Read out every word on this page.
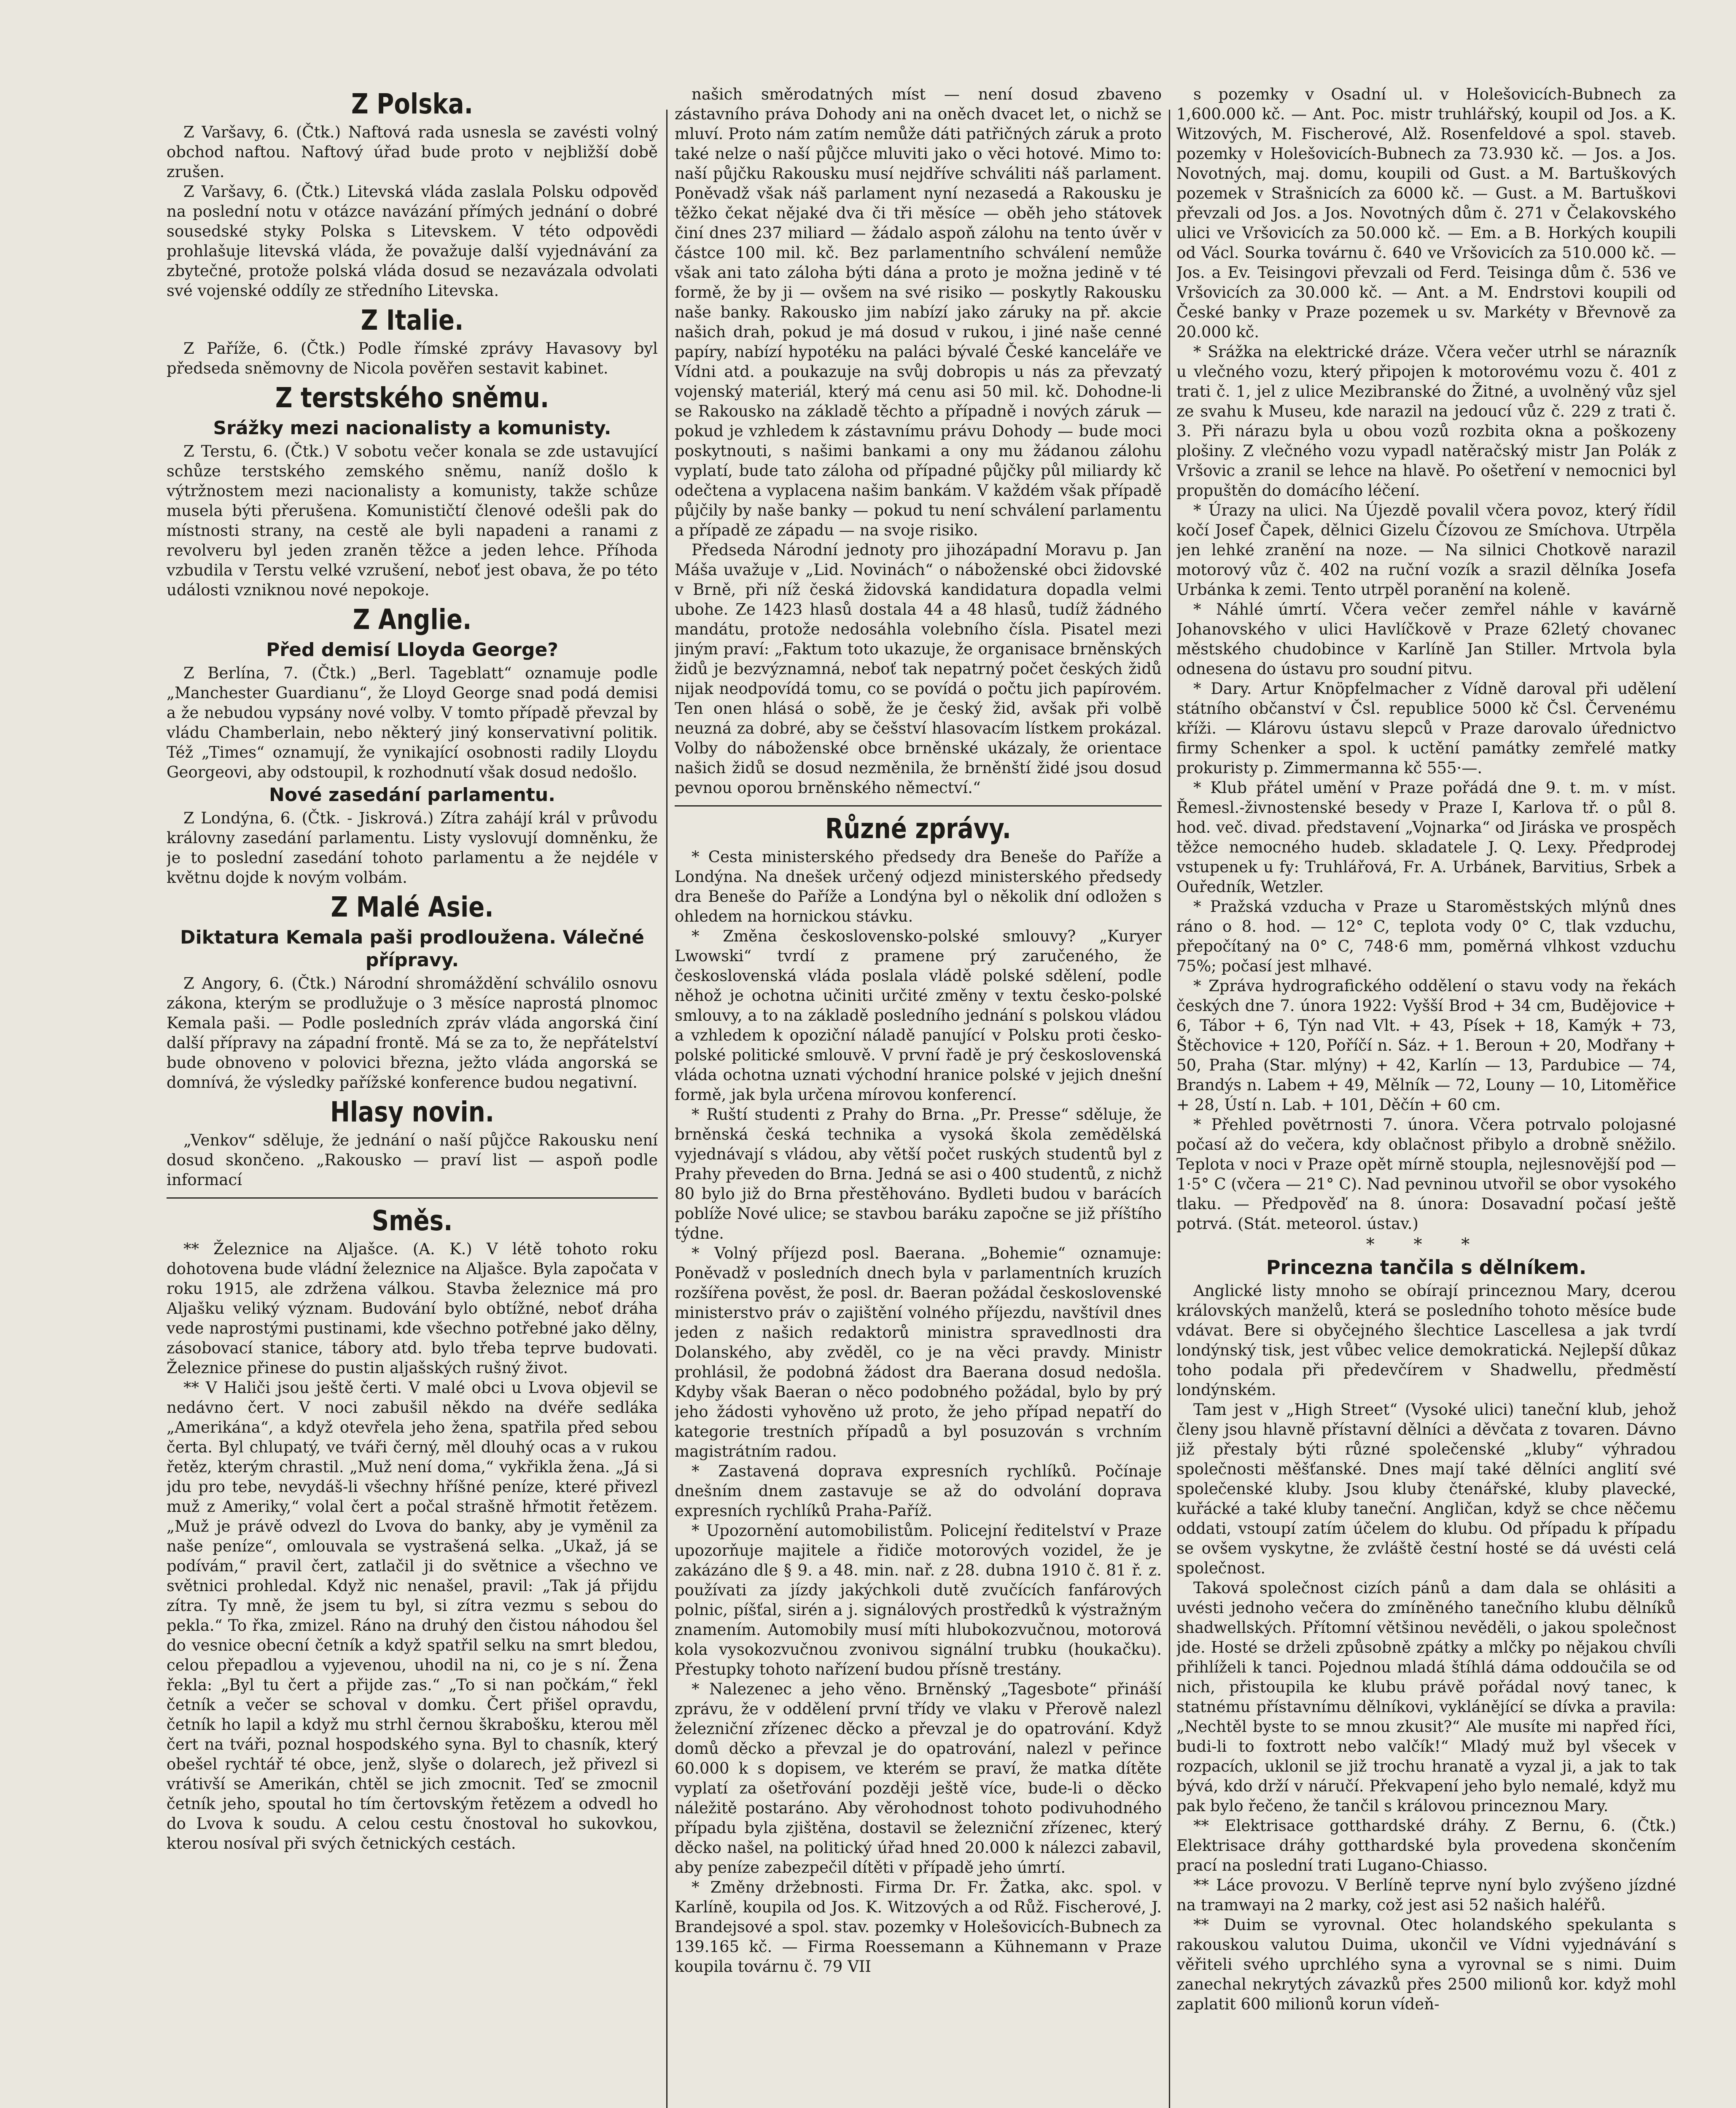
Z Polska.

Z Varšavy, 6. (Čtk.) Naftová rada usnesla se zavésti volný obchod naftou. Naftový úřad bude proto v nejbližší době zrušen.

Z Varšavy, 6. (Čtk.) Litevská vláda zaslala Polsku odpověď na poslední notu v otázce navázání přímých jednání o dobré sousedské styky Polska s Litevskem. V této odpovědi prohlašuje litevská vláda, že považuje další vyjednávání za zbytečné, protože polská vláda dosud se nezavázala odvolati své vojenské oddíly ze středního Litevska.

Z Italie.

Z Paříže, 6. (Čtk.) Podle římské zprávy Havasovy byl předseda sněmovny de Nicola pověřen sestavit kabinet.

Z terstského sněmu.
Srážky mezi nacionalisty a komunisty.

Z Terstu, 6. (Čtk.) V sobotu večer konala se zde ustavující schůze terstského zemského sněmu, naníž došlo k výtržnostem mezi nacionalisty a komunisty, takže schůze musela býti přerušena. Komunističtí členové odešli pak do místnosti strany, na cestě ale byli napadeni a ranami z revolveru byl jeden zraněn těžce a jeden lehce. Příhoda vzbudila v Terstu velké vzrušení, neboť jest obava, že po této události vzniknou nové nepokoje.

Z Anglie.
Před demisí Lloyda George?

Z Berlína, 7. (Čtk.) „Berl. Tageblatt“ oznamuje podle „Manchester Guardianu“, že Lloyd George snad podá demisi a že nebudou vypsány nové volby. V tomto případě převzal by vládu Chamberlain, nebo některý jiný konservativní politik. Též „Times“ oznamují, že vynikající osobnosti radily Lloydu Georgeovi, aby odstoupil, k rozhodnutí však dosud nedošlo.

Nové zasedání parlamentu.

Z Londýna, 6. (Čtk. - Jiskrová.) Zítra zahájí král v průvodu královny zasedání parlamentu. Listy vyslovují domněnku, že je to poslední zasedání tohoto parlamentu a že nejdéle v květnu dojde k novým volbám.

Z Malé Asie.
Diktatura Kemala paši prodloužena. Válečné přípravy.

Z Angory, 6. (Čtk.) Národní shromáždění schválilo osnovu zákona, kterým se prodlužuje o 3 měsíce naprostá plnomoc Kemala paši. — Podle posledních zpráv vláda angorská činí další přípravy na západní frontě. Má se za to, že nepřátelství bude obnoveno v polovici března, ježto vláda angorská se domnívá, že výsledky pařížské konference budou negativní.

Hlasy novin.

„Venkov“ sděluje, že jednání o naší půjčce Rakousku není dosud skončeno. „Rakousko — praví list — aspoň podle informací

Směs.

** Železnice na Aljašce. (A. K.) V létě tohoto roku dohotovena bude vládní železnice na Aljašce. Byla započata v roku 1915, ale zdržena válkou. Stavba železnice má pro Aljašku veliký význam. Budování bylo obtížné, neboť dráha vede naprostými pustinami, kde všechno potřebné jako dělny, zásobovací stanice, tábory atd. bylo třeba teprve budovati. Železnice přinese do pustin aljašských rušný život.

** V Haliči jsou ještě čerti. V malé obci u Lvova objevil se nedávno čert. V noci zabušil někdo na dvéře sedláka „Amerikána“, a když otevřela jeho žena, spatřila před sebou čerta. Byl chlupatý, ve tváři černý, měl dlouhý ocas a v rukou řetěz, kterým chrastil. „Muž není doma,“ vykřikla žena. „Já si jdu pro tebe, nevydáš-li všechny hříšné peníze, které přivezl muž z Ameriky,“ volal čert a počal strašně hřmotit řetězem. „Muž je právě odvezl do Lvova do banky, aby je vyměnil za naše peníze“, omlouvala se vystrašená selka. „Ukaž, já se podívám,“ pravil čert, zatlačil ji do světnice a všechno ve světnici prohledal. Když nic nenašel, pravil: „Tak já přijdu zítra. Ty mně, že jsem tu byl, si zítra vezmu s sebou do pekla.“ To řka, zmizel. Ráno na druhý den čistou náhodou šel do vesnice obecní četník a když spatřil selku na smrt bledou, celou přepadlou a vyjevenou, uhodil na ni, co je s ní. Žena řekla: „Byl tu čert a přijde zas.“ „To si nan počkám,“ řekl četník a večer se schoval v domku. Čert přišel opravdu, četník ho lapil a když mu strhl černou škrabošku, kterou měl čert na tváři, poznal hospodského syna. Byl to chasník, který obešel rychtář té obce, jenž, slyše o dolarech, jež přivezl si vrátivší se Amerikán, chtěl se jich zmocnit. Teď se zmocnil četník jeho, spoutal ho tím čertovským řetězem a odvedl ho do Lvova k soudu. A celou cestu čnostoval ho sukovkou, kterou nosíval při svých četnických cestách.

našich směrodatných míst — není dosud zbaveno zástavního práva Dohody ani na oněch dvacet let, o nichž se mluví. Proto nám zatím nemůže dáti patřičných záruk a proto také nelze o naší půjčce mluviti jako o věci hotové. Mimo to: naší půjčku Rakousku musí nejdříve schváliti náš parlament. Poněvadž však náš parlament nyní nezasedá a Rakousku je těžko čekat nějaké dva či tři měsíce — oběh jeho státovek činí dnes 237 miliard — žádalo aspoň zálohu na tento úvěr v částce 100 mil. kč. Bez parlamentního schválení nemůže však ani tato záloha býti dána a proto je možna jedině v té formě, že by ji — ovšem na své risiko — poskytly Rakousku naše banky. Rakousko jim nabízí jako záruky na př. akcie našich drah, pokud je má dosud v rukou, i jiné naše cenné papíry, nabízí hypotéku na paláci bývalé České kanceláře ve Vídni atd. a poukazuje na svůj dobropis u nás za převzatý vojenský materiál, který má cenu asi 50 mil. kč. Dohodne-li se Rakousko na základě těchto a případně i nových záruk — pokud je vzhledem k zástavnímu právu Dohody — bude moci poskytnouti, s našimi bankami a ony mu žádanou zálohu vyplatí, bude tato záloha od případné půjčky půl miliardy kč odečtena a vyplacena našim bankám. V každém však případě půjčily by naše banky — pokud tu není schválení parlamentu a případě ze západu — na svoje risiko.

Předseda Národní jednoty pro jihozápadní Moravu p. Jan Máša uvažuje v „Lid. Novinách“ o náboženské obci židovské v Brně, při níž česká židovská kandidatura dopadla velmi ubohe. Ze 1423 hlasů dostala 44 a 48 hlasů, tudíž žádného mandátu, protože nedosáhla volebního čísla. Pisatel mezi jiným praví: „Faktum toto ukazuje, že organisace brněnských židů je bezvýznamná, neboť tak nepatrný počet českých židů nijak neodpovídá tomu, co se povídá o počtu jich papírovém. Ten onen hlásá o sobě, že je český žid, avšak při volbě neuzná za dobré, aby se češství hlasovacím lístkem prokázal. Volby do náboženské obce brněnské ukázaly, že orientace našich židů se dosud nezměnila, že brněnští židé jsou dosud pevnou oporou brněnského němectví.“

Různé zprávy.

* Cesta ministerského předsedy dra Beneše do Paříže a Londýna. Na dnešek určený odjezd ministerského předsedy dra Beneše do Paříže a Londýna byl o několik dní odložen s ohledem na hornickou stávku.

* Změna československo-polské smlouvy? „Kuryer Lwowski“ tvrdí z pramene prý zaručeného, že československá vláda poslala vládě polské sdělení, podle něhož je ochotna učiniti určité změny v textu česko-polské smlouvy, a to na základě posledního jednání s polskou vládou a vzhledem k opoziční náladě panující v Polsku proti česko-polské politické smlouvě. V první řadě je prý československá vláda ochotna uznati východní hranice polské v jejich dnešní formě, jak byla určena mírovou konferencí.

* Ruští studenti z Prahy do Brna. „Pr. Presse“ sděluje, že brněnská česká technika a vysoká škola zemědělská vyjednávají s vládou, aby větší počet ruských studentů byl z Prahy převeden do Brna. Jedná se asi o 400 studentů, z nichž 80 bylo již do Brna přestěhováno. Bydleti budou v barácích poblíže Nové ulice; se stavbou baráku započne se již příštího týdne.

* Volný příjezd posl. Baerana. „Bohemie“ oznamuje: Poněvadž v posledních dnech byla v parlamentních kruzích rozšířena pověst, že posl. dr. Baeran požádal československé ministerstvo práv o zajištění volného příjezdu, navštívil dnes jeden z našich redaktorů ministra spravedlnosti dra Dolanského, aby zvěděl, co je na věci pravdy. Ministr prohlásil, že podobná žádost dra Baerana dosud nedošla. Kdyby však Baeran o něco podobného požádal, bylo by prý jeho žádosti vyhověno už proto, že jeho případ nepatří do kategorie trestních případů a byl posuzován s vrchním magistrátním radou.

* Zastavená doprava expresních rychlíků. Počínaje dnešním dnem zastavuje se až do odvolání doprava expresních rychlíků Praha-Paříž.

* Upozornění automobilistům. Policejní ředitelství v Praze upozorňuje majitele a řidiče motorových vozidel, že je zakázáno dle § 9. a 48. min. nař. z 28. dubna 1910 č. 81 ř. z. používati za jízdy jakýchkoli dutě zvučících fanfárových polnic, píšťal, sirén a j. signálových prostředků k výstražným znamením. Automobily musí míti hlubokozvučnou, motorová kola vysokozvučnou zvonivou signální trubku (houkačku). Přestupky tohoto nařízení budou přísně trestány.

* Nalezenec a jeho věno. Brněnský „Tagesbote“ přináší zprávu, že v oddělení první třídy ve vlaku v Přerově nalezl železniční zřízenec děcko a převzal je do opatrování. Když domů děcko a převzal je do opatrování, nalezl v peřince 60.000 k s dopisem, ve kterém se praví, že matka dítěte vyplatí za ošetřování později ještě více, bude-li o děcko náležitě postaráno. Aby věrohodnost tohoto podivuhodného případu byla zjištěna, dostavil se železniční zřízenec, který děcko našel, na politický úřad hned 20.000 k nálezci zabavil, aby peníze zabezpečil dítěti v případě jeho úmrtí.

* Změny držebnosti. Firma Dr. Fr. Žatka, akc. spol. v Karlíně, koupila od Jos. K. Witzových a od Růž. Fischerové, J. Brandejsové a spol. stav. pozemky v Holešovicích-Bubnech za 139.165 kč. — Firma Roessemann a Kühnemann v Praze koupila továrnu č. 79 VII

s pozemky v Osadní ul. v Holešovicích-Bubnech za 1,600.000 kč. — Ant. Poc. mistr truhlářský, koupil od Jos. a K. Witzových, M. Fischerové, Alž. Rosenfeldové a spol. staveb. pozemky v Holešovicích-Bubnech za 73.930 kč. — Jos. a Jos. Novotných, maj. domu, koupili od Gust. a M. Bartuškových pozemek v Strašnicích za 6000 kč. — Gust. a M. Bartuškovi převzali od Jos. a Jos. Novotných dům č. 271 v Čelakovského ulici ve Vršovicích za 50.000 kč. — Em. a B. Horkých koupili od Václ. Sourka továrnu č. 640 ve Vršovicích za 510.000 kč. — Jos. a Ev. Teisingovi převzali od Ferd. Teisinga dům č. 536 ve Vršovicích za 30.000 kč. — Ant. a M. Endrstovi koupili od České banky v Praze pozemek u sv. Markéty v Břevnově za 20.000 kč.

* Srážka na elektrické dráze. Včera večer utrhl se nárazník u vlečného vozu, který připojen k motorovému vozu č. 401 z trati č. 1, jel z ulice Mezibranské do Žitné, a uvolněný vůz sjel ze svahu k Museu, kde narazil na jedoucí vůz č. 229 z trati č. 3. Při nárazu byla u obou vozů rozbita okna a poškozeny plošiny. Z vlečného vozu vypadl natěračský mistr Jan Polák z Vršovic a zranil se lehce na hlavě. Po ošetření v nemocnici byl propuštěn do domácího léčení.

* Úrazy na ulici. Na Újezdě povalil včera povoz, který řídil kočí Josef Čapek, dělnici Gizelu Čízovou ze Smíchova. Utrpěla jen lehké zranění na noze. — Na silnici Chotkově narazil motorový vůz č. 402 na ruční vozík a srazil dělníka Josefa Urbánka k zemi. Tento utrpěl poranění na koleně.

* Náhlé úmrtí. Včera večer zemřel náhle v kavárně Johanovského v ulici Havlíčkově v Praze 62letý chovanec městského chudobince v Karlíně Jan Stiller. Mrtvola byla odnesena do ústavu pro soudní pitvu.

* Dary. Artur Knöpfelmacher z Vídně daroval při udělení státního občanství v Čsl. republice 5000 kč Čsl. Červenému kříži. — Klárovu ústavu slepců v Praze darovalo úřednictvo firmy Schenker a spol. k uctění památky zemřelé matky prokuristy p. Zimmermanna kč 555·—.

* Klub přátel umění v Praze pořádá dne 9. t. m. v míst. Řemesl.-živnostenské besedy v Praze I, Karlova tř. o půl 8. hod. več. divad. představení „Vojnarka“ od Jiráska ve prospěch těžce nemocného hudeb. skladatele J. Q. Lexy. Předprodej vstupenek u fy: Truhlářová, Fr. A. Urbánek, Barvitius, Srbek a Ouředník, Wetzler.

* Pražská vzducha v Praze u Staroměstských mlýnů dnes ráno o 8. hod. — 12° C, teplota vody 0° C, tlak vzduchu, přepočítaný na 0° C, 748·6 mm, poměrná vlhkost vzduchu 75%; počasí jest mlhavé.

* Zpráva hydrografického oddělení o stavu vody na řekách českých dne 7. února 1922: Vyšší Brod + 34 cm, Budějovice + 6, Tábor + 6, Týn nad Vlt. + 43, Písek + 18, Kamýk + 73, Štěchovice + 120, Poříčí n. Sáz. + 1. Beroun + 20, Modřany + 50, Praha (Star. mlýny) + 42, Karlín — 13, Pardubice — 74, Brandýs n. Labem + 49, Mělník — 72, Louny — 10, Litoměřice + 28, Ústí n. Lab. + 101, Děčín + 60 cm.

* Přehled povětrnosti 7. února. Včera potrvalo polojasné počasí až do večera, kdy oblačnost přibylo a drobně sněžilo. Teplota v noci v Praze opět mírně stoupla, nejlesnovější pod — 1·5° C (včera — 21° C). Nad pevninou utvořil se obor vysokého tlaku. — Předpověď na 8. února: Dosavadní počasí ještě potrvá. (Stát. meteorol. ústav.)

* * *
Princezna tančila s dělníkem.

Anglické listy mnoho se obírají princeznou Mary, dcerou královských manželů, která se posledního tohoto měsíce bude vdávat. Bere si obyčejného šlechtice Lascellesa a jak tvrdí londýnský tisk, jest vůbec velice demokratická. Nejlepší důkaz toho podala při předevčírem v Shadwellu, předměstí londýnském.

Tam jest v „High Street“ (Vysoké ulici) taneční klub, jehož členy jsou hlavně přístavní dělníci a děvčata z tovaren. Dávno již přestaly býti různé společenské „kluby“ výhradou společnosti měšťanské. Dnes mají také dělníci anglití své společenské kluby. Jsou kluby čtenářské, kluby plavecké, kuřácké a také kluby taneční. Angličan, když se chce něčemu oddati, vstoupí zatím účelem do klubu. Od případu k případu se ovšem vyskytne, že zvláště čestní hosté se dá uvésti celá společnost.

Taková společnost cizích pánů a dam dala se ohlásiti a uvésti jednoho večera do zmíněného tanečního klubu dělníků shadwellských. Přítomní většinou nevěděli, o jakou společnost jde. Hosté se drželi způsobně zpátky a mlčky po nějakou chvíli přihlíželi k tanci. Pojednou mladá štíhlá dáma oddoučila se od nich, přistoupila ke klubu právě pořádal nový tanec, k statnému přístavnímu dělníkovi, vyklánějící se dívka a pravila: „Nechtěl byste to se mnou zkusit?“ Ale musíte mi napřed říci, budi-li to foxtrott nebo valčík!“ Mladý muž byl všecek v rozpacích, uklonil se již trochu hranatě a vyzal ji, a jak to tak bývá, kdo drží v náručí. Překvapení jeho bylo nemalé, když mu pak bylo řečeno, že tančil s královou princeznou Mary.

** Elektrisace gotthardské dráhy. Z Bernu, 6. (Čtk.) Elektrisace dráhy gotthardské byla provedena skončením prací na poslední trati Lugano-Chiasso.

** Láce provozu. V Berlíně teprve nyní bylo zvýšeno jízdné na tramwayi na 2 marky, což jest asi 52 našich haléřů.

** Duim se vyrovnal. Otec holandského spekulanta s rakouskou valutou Duima, ukončil ve Vídni vyjednávání s věřiteli svého uprchlého syna a vyrovnal se s nimi. Duim zanechal nekrytých závazků přes 2500 milionů kor. když mohl zaplatit 600 milionů korun vídeň-
